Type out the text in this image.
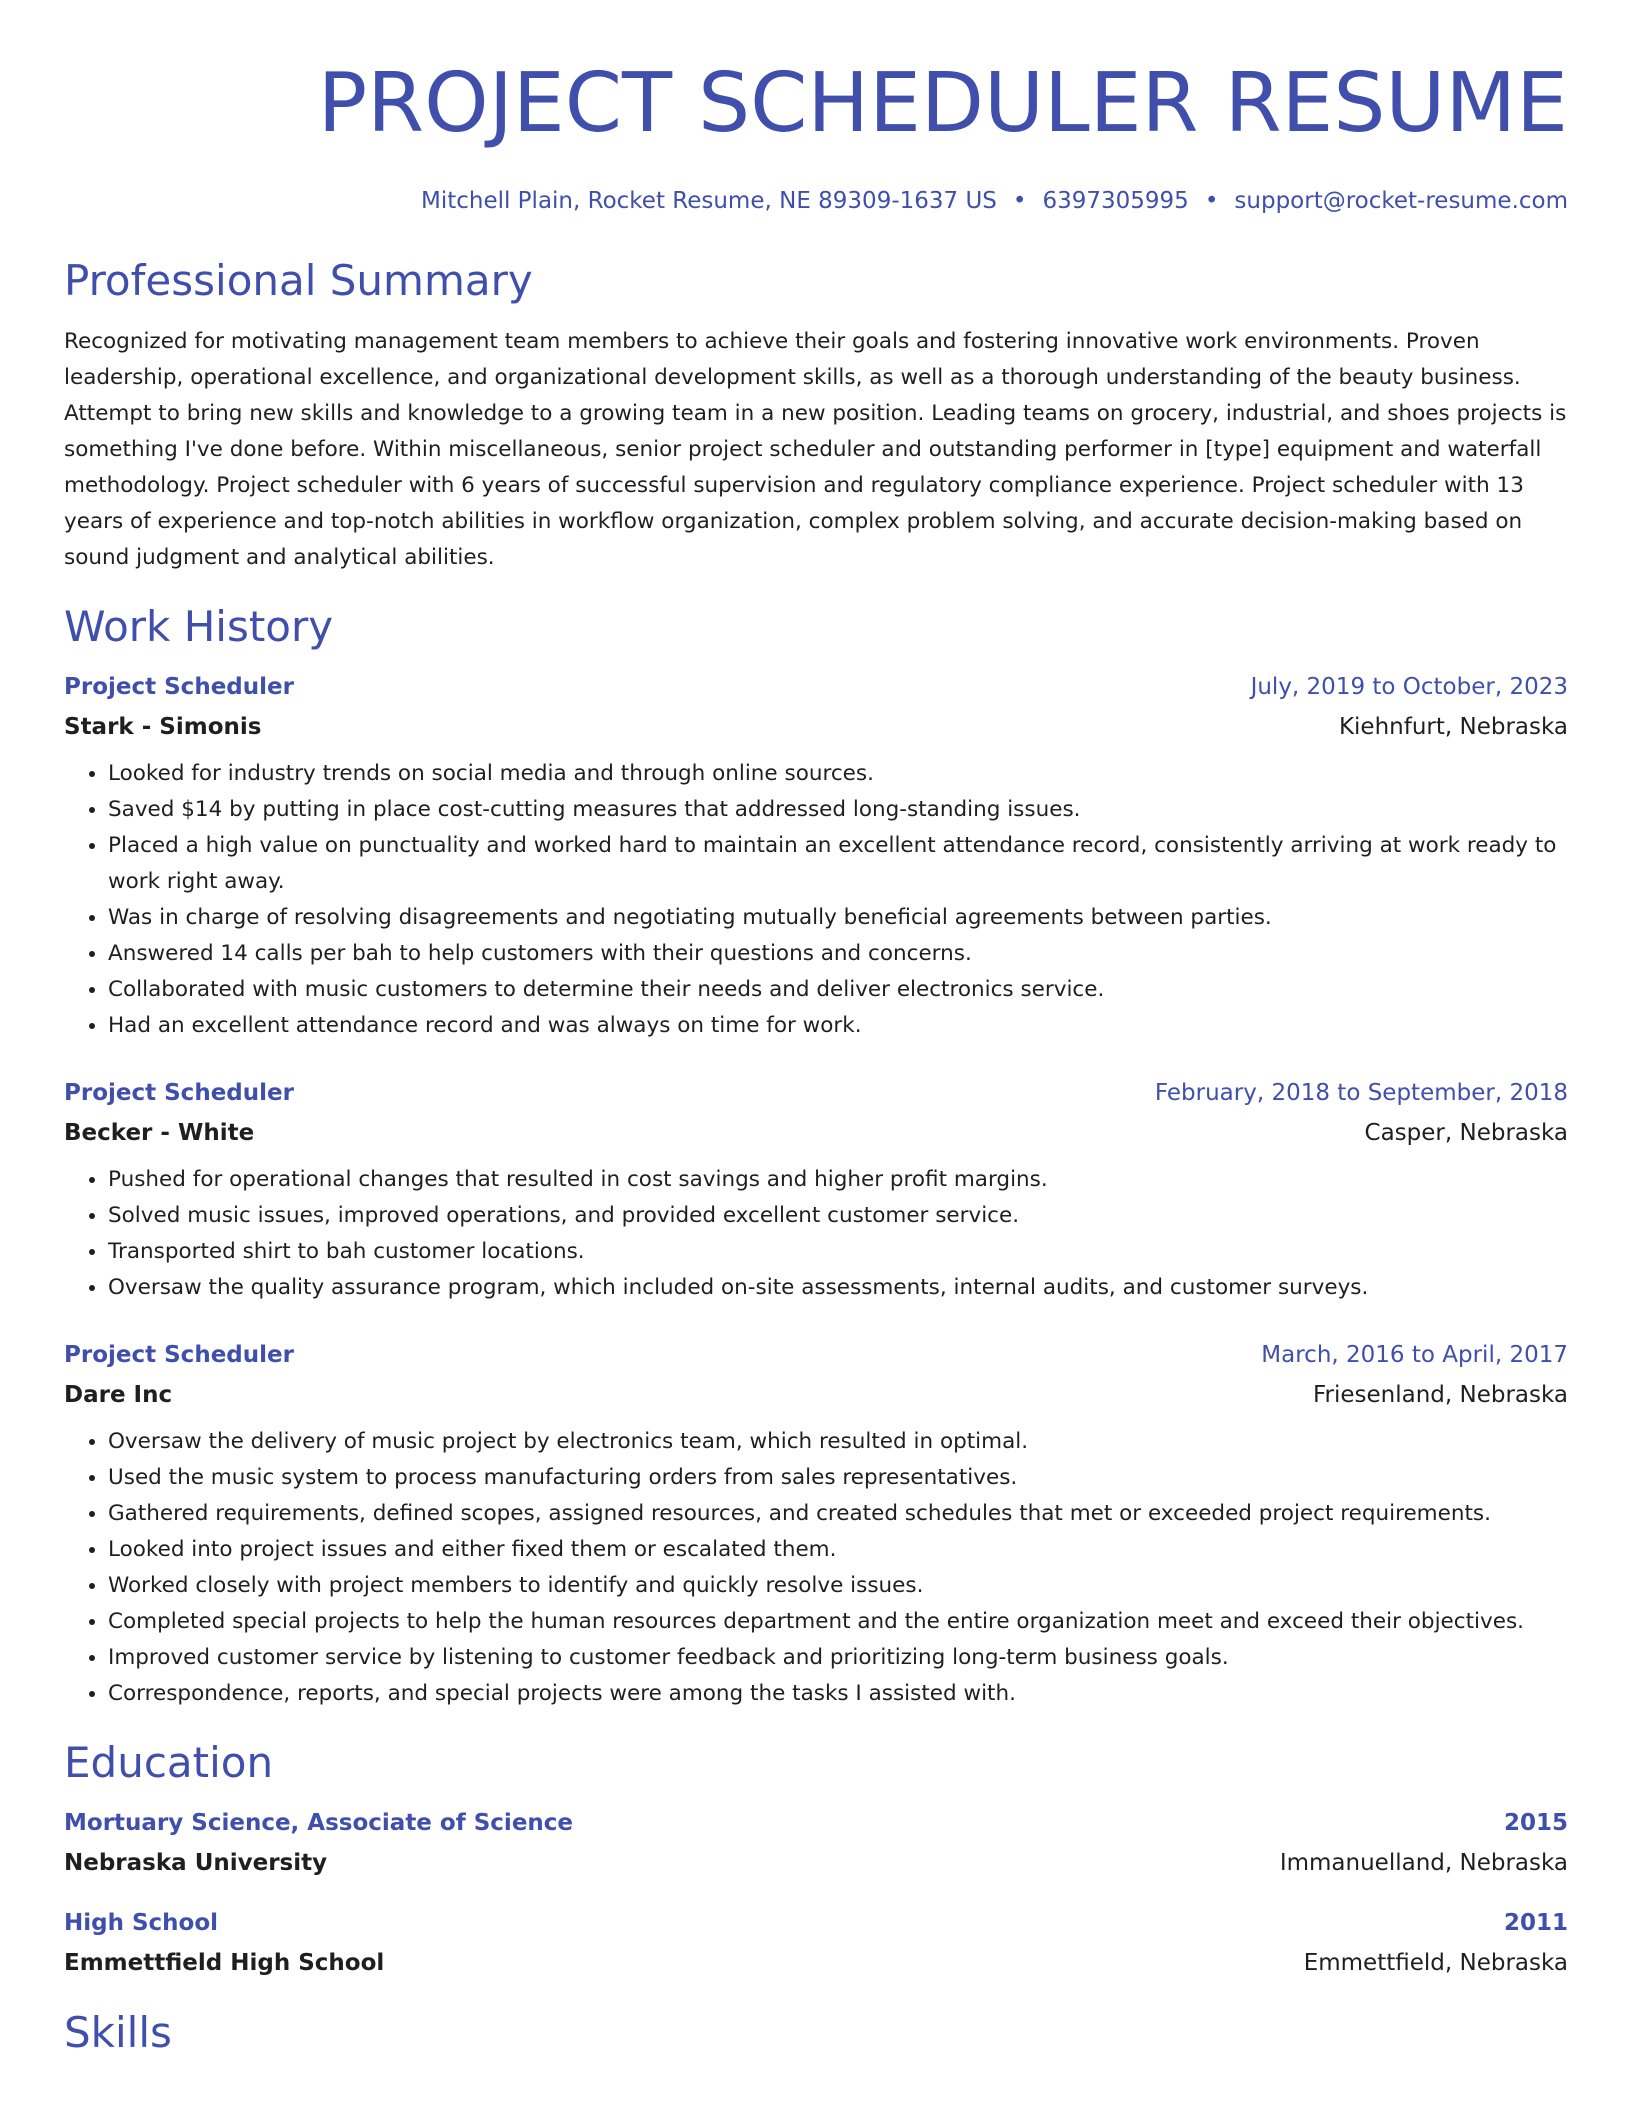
PROJECT SCHEDULER RESUME
Mitchell Plain, Rocket Resume, NE 89309-1637 US • 6397305995 • support@rocket-resume.com
Professional Summary
Recognized for motivating management team members to achieve their goals and fostering innovative work environments. Proven leadership, operational excellence, and organizational development skills, as well as a thorough understanding of the beauty business. Attempt to bring new skills and knowledge to a growing team in a new position. Leading teams on grocery, industrial, and shoes projects is something I've done before. Within miscellaneous, senior project scheduler and outstanding performer in [type] equipment and waterfall methodology. Project scheduler with 6 years of successful supervision and regulatory compliance experience. Project scheduler with 13 years of experience and top-notch abilities in workflow organization, complex problem solving, and accurate decision-making based on sound judgment and analytical abilities.
Work History
Project Scheduler	July, 2019 to October, 2023
Stark - Simonis	Kiehnfurt, Nebraska
• Looked for industry trends on social media and through online sources.
• Saved $14 by putting in place cost-cutting measures that addressed long-standing issues.
• Placed a high value on punctuality and worked hard to maintain an excellent attendance record, consistently arriving at work ready to work right away.
• Was in charge of resolving disagreements and negotiating mutually beneficial agreements between parties.
• Answered 14 calls per bah to help customers with their questions and concerns.
• Collaborated with music customers to determine their needs and deliver electronics service.
• Had an excellent attendance record and was always on time for work.
Project Scheduler	February, 2018 to September, 2018
Becker - White	Casper, Nebraska
• Pushed for operational changes that resulted in cost savings and higher profit margins.
• Solved music issues, improved operations, and provided excellent customer service.
• Transported shirt to bah customer locations.
• Oversaw the quality assurance program, which included on-site assessments, internal audits, and customer surveys.
Project Scheduler	March, 2016 to April, 2017
Dare Inc	Friesenland, Nebraska
• Oversaw the delivery of music project by electronics team, which resulted in optimal.
• Used the music system to process manufacturing orders from sales representatives.
• Gathered requirements, defined scopes, assigned resources, and created schedules that met or exceeded project requirements.
• Looked into project issues and either fixed them or escalated them.
• Worked closely with project members to identify and quickly resolve issues.
• Completed special projects to help the human resources department and the entire organization meet and exceed their objectives.
• Improved customer service by listening to customer feedback and prioritizing long-term business goals.
• Correspondence, reports, and special projects were among the tasks I assisted with.
Education
Mortuary Science, Associate of Science	2015
Nebraska University	Immanuelland, Nebraska
High School	2011
Emmettfield High School	Emmettfield, Nebraska
Skills
